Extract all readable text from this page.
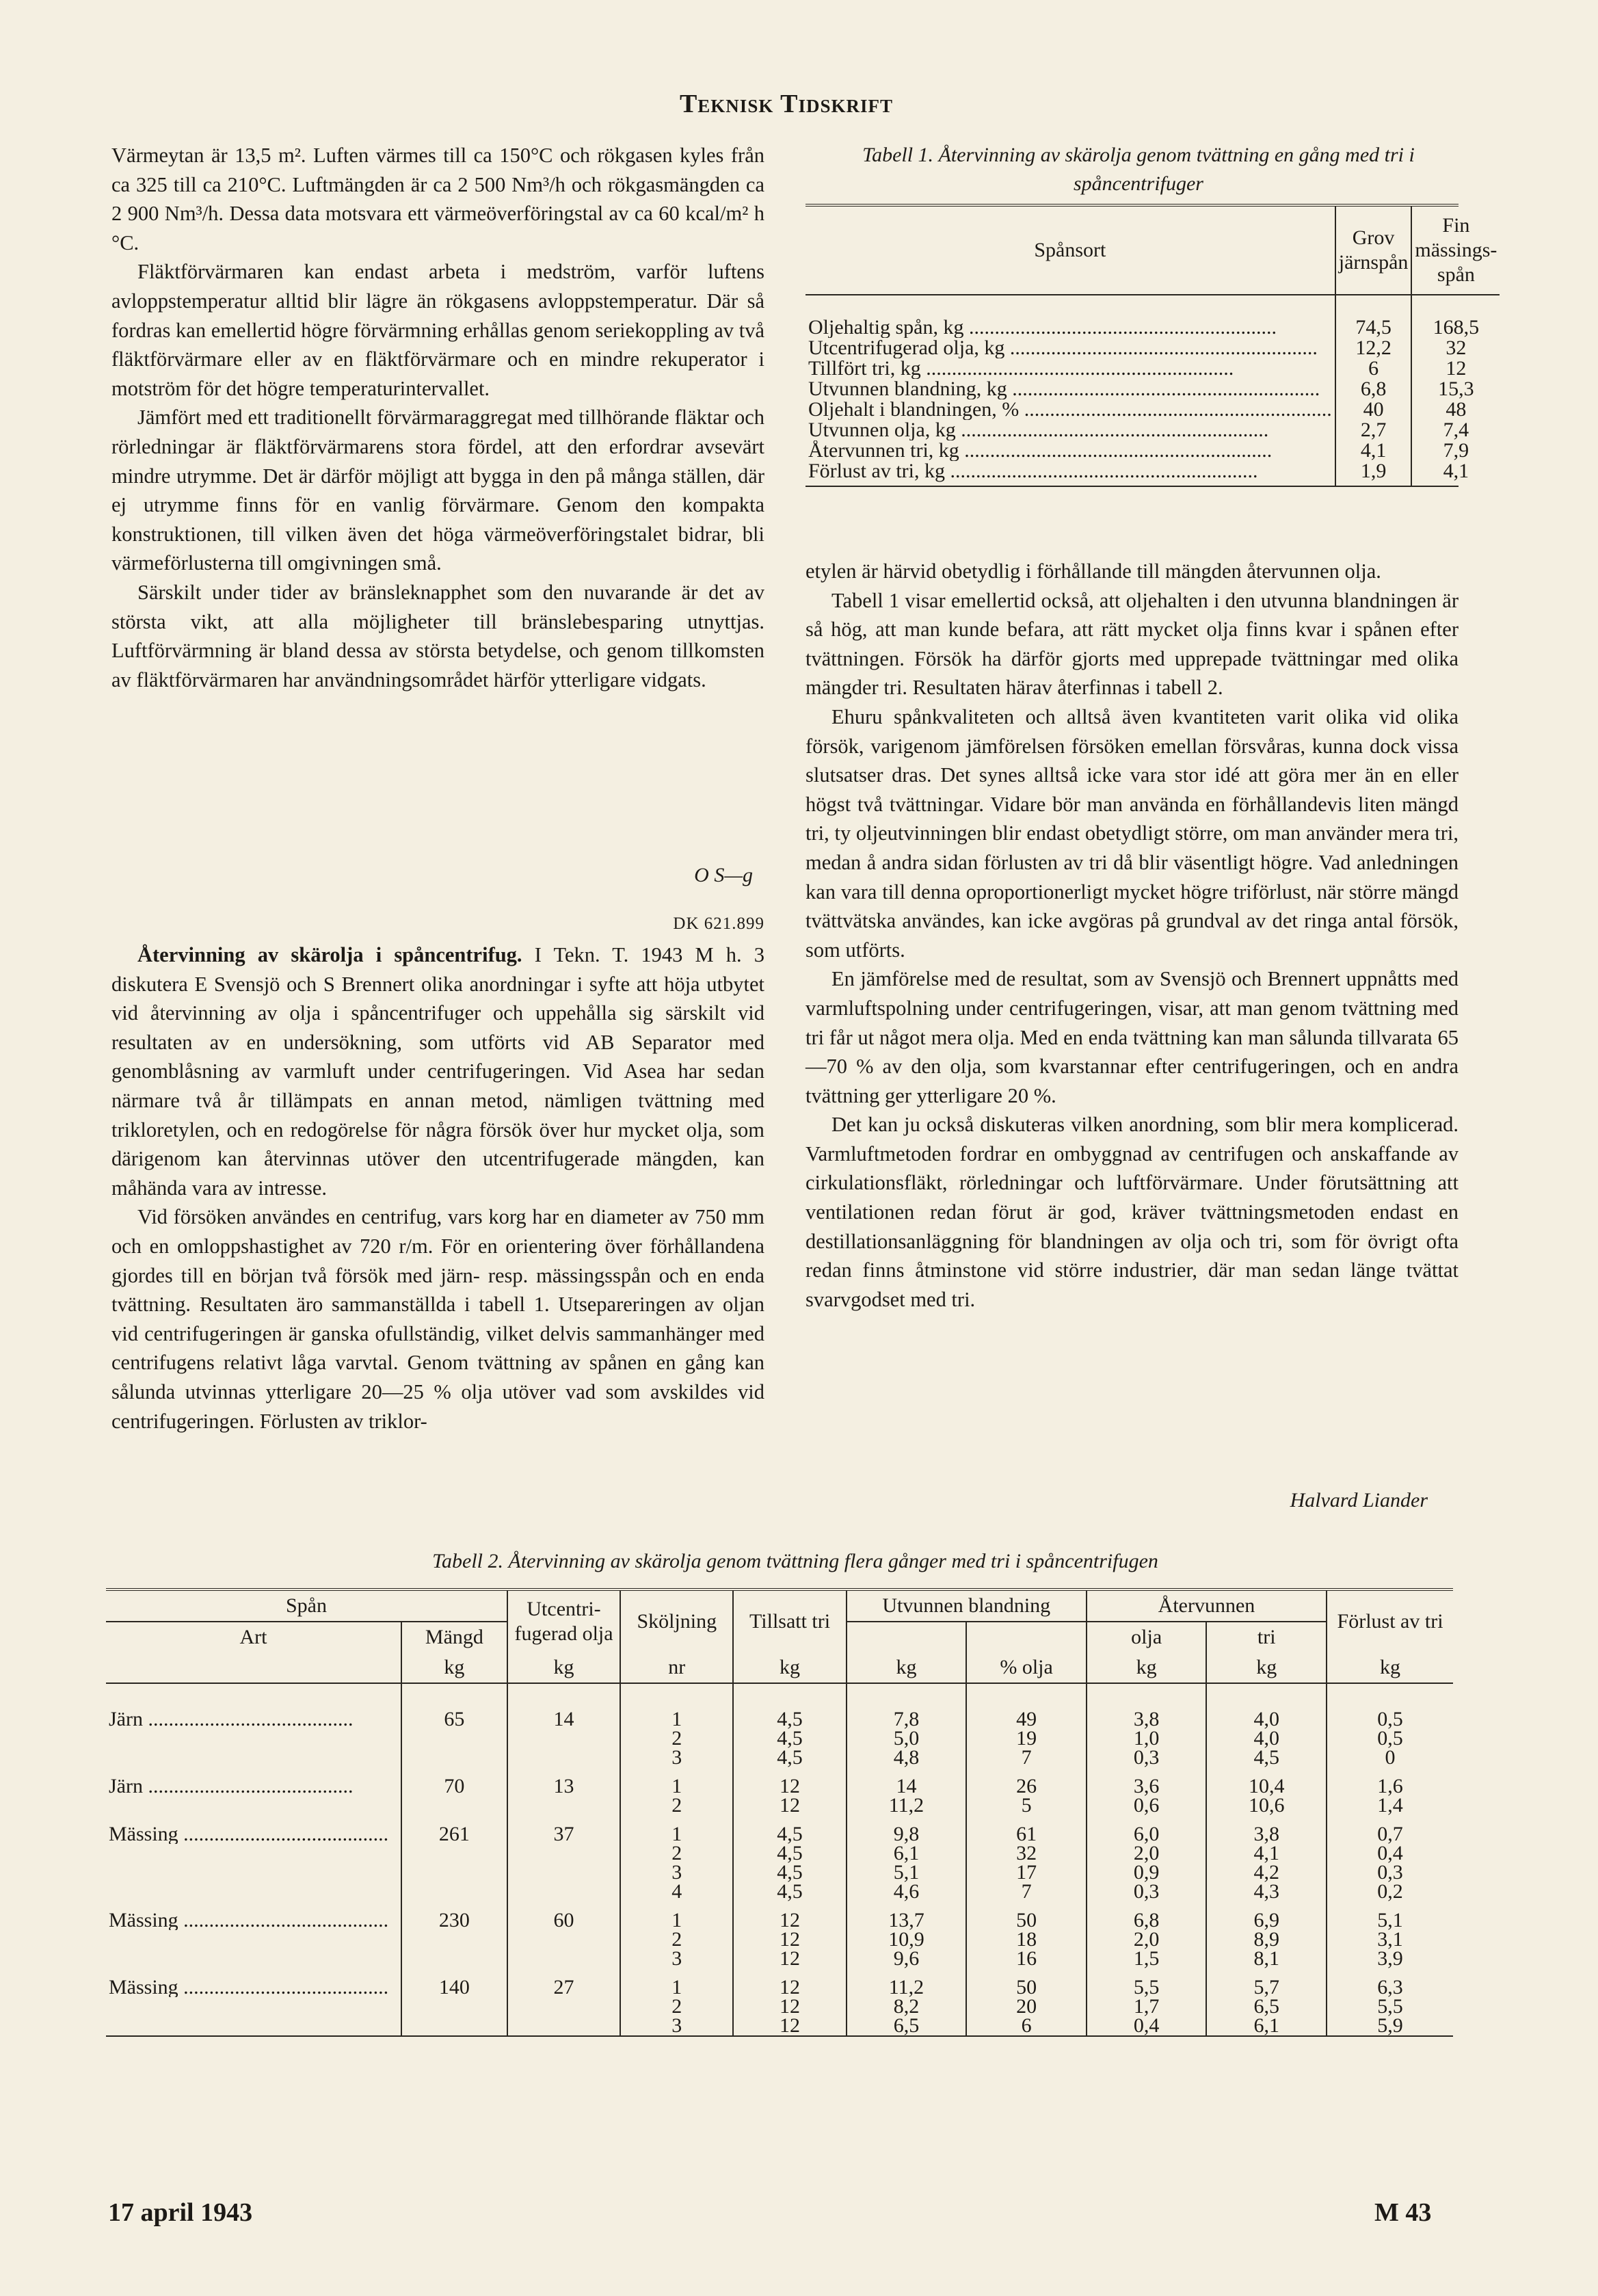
Teknisk Tidskrift

Värmeytan är 13,5 m². Luften värmes till ca 150°C och rökgasen kyles från ca 325 till ca 210°C. Luftmängden är ca 2 500 Nm³/h och rökgasmängden ca 2 900 Nm³/h. Dessa data motsvara ett värmeöverföringstal av ca 60 kcal/m² h °C.

Fläktförvärmaren kan endast arbeta i medström, varför luftens avloppstemperatur alltid blir lägre än rökgasens avloppstemperatur. Där så fordras kan emellertid högre förvärmning erhållas genom seriekoppling av två fläktförvärmare eller av en fläktförvärmare och en mindre rekuperator i motström för det högre temperaturintervallet.

Jämfört med ett traditionellt förvärmaraggregat med tillhörande fläktar och rörledningar är fläktförvärmarens stora fördel, att den erfordrar avsevärt mindre utrymme. Det är därför möjligt att bygga in den på många ställen, där ej utrymme finns för en vanlig förvärmare. Genom den kompakta konstruktionen, till vilken även det höga värmeöverföringstalet bidrar, bli värmeförlusterna till omgivningen små.

Särskilt under tider av bränsleknapphet som den nuvarande är det av största vikt, att alla möjligheter till bränslebesparing utnyttjas. Luftförvärmning är bland dessa av största betydelse, och genom tillkomsten av fläktförvärmaren har användningsområdet härför ytterligare vidgats.

O S—g
DK 621.899

Återvinning av skärolja i spåncentrifug. I Tekn. T. 1943 M h. 3 diskutera E Svensjö och S Brennert olika anordningar i syfte att höja utbytet vid återvinning av olja i spåncentrifuger och uppehålla sig särskilt vid resultaten av en undersökning, som utförts vid AB Separator med genomblåsning av varmluft under centrifugeringen. Vid Asea har sedan närmare två år tillämpats en annan metod, nämligen tvättning med trikloretylen, och en redogörelse för några försök över hur mycket olja, som därigenom kan återvinnas utöver den utcentrifugerade mängden, kan måhända vara av intresse.

Vid försöken användes en centrifug, vars korg har en diameter av 750 mm och en omloppshastighet av 720 r/m. För en orientering över förhållandena gjordes till en början två försök med järn- resp. mässingsspån och en enda tvättning. Resultaten äro sammanställda i tabell 1. Utsepareringen av oljan vid centrifugeringen är ganska ofullständig, vilket delvis sammanhänger med centrifugens relativt låga varvtal. Genom tvättning av spånen en gång kan sålunda utvinnas ytterligare 20—25 % olja utöver vad som avskildes vid centrifugeringen. Förlusten av triklor-

Tabell 1. Återvinning av skärolja genom tvättning en gång med tri i spåncentrifuger
Spånsort	Grov järnspån	Fin mässings-spån
Oljehaltig spån, kg ............................................................	74,5	168,5
Utcentrifugerad olja, kg ............................................................	12,2	32
Tillfört tri, kg ............................................................	6	12
Utvunnen blandning, kg ............................................................	6,8	15,3
Oljehalt i blandningen, % ............................................................	40	48
Utvunnen olja, kg ............................................................	2,7	7,4
Återvunnen tri, kg ............................................................	4,1	7,9
Förlust av tri, kg ............................................................	1,9	4,1

etylen är härvid obetydlig i förhållande till mängden återvunnen olja.

Tabell 1 visar emellertid också, att oljehalten i den utvunna blandningen är så hög, att man kunde befara, att rätt mycket olja finns kvar i spånen efter tvättningen. Försök ha därför gjorts med upprepade tvättningar med olika mängder tri. Resultaten härav återfinnas i tabell 2.

Ehuru spånkvaliteten och alltså även kvantiteten varit olika vid olika försök, varigenom jämförelsen försöken emellan försvåras, kunna dock vissa slutsatser dras. Det synes alltså icke vara stor idé att göra mer än en eller högst två tvättningar. Vidare bör man använda en förhållandevis liten mängd tri, ty oljeutvinningen blir endast obetydligt större, om man använder mera tri, medan å andra sidan förlusten av tri då blir väsentligt högre. Vad anledningen kan vara till denna oproportionerligt mycket högre triförlust, när större mängd tvättvätska användes, kan icke avgöras på grundval av det ringa antal försök, som utförts.

En jämförelse med de resultat, som av Svensjö och Brennert uppnåtts med varmluftspolning under centrifugeringen, visar, att man genom tvättning med tri får ut något mera olja. Med en enda tvättning kan man sålunda tillvarata 65—70 % av den olja, som kvarstannar efter centrifugeringen, och en andra tvättning ger ytterligare 20 %.

Det kan ju också diskuteras vilken anordning, som blir mera komplicerad. Varmluftmetoden fordrar en ombyggnad av centrifugen och anskaffande av cirkulationsfläkt, rörledningar och luftförvärmare. Under förutsättning att ventilationen redan förut är god, kräver tvättningsmetoden endast en destillationsanläggning för blandningen av olja och tri, som för övrigt ofta redan finns åtminstone vid större industrier, där man sedan länge tvättat svarvgodset med tri.

Halvard Liander
Tabell 2. Återvinning av skärolja genom tvättning flera gånger med tri i spåncentrifugen
Spån		Utcentri-fugerad olja	Sköljning	Tillsatt tri	Utvunnen blandning		Återvunnen		Förlust av tri
Art	Mängd						olja	tri	
	kg	kg	nr	kg	kg	% olja	kg	kg	kg
Järn ........................................	65	14	1	4,5	7,8	49	3,8	4,0	0,5
			2	4,5	5,0	19	1,0	4,0	0,5
			3	4,5	4,8	7	0,3	4,5	0
Järn ........................................	70	13	1	12	14	26	3,6	10,4	1,6
			2	12	11,2	5	0,6	10,6	1,4
Mässing ........................................	261	37	1	4,5	9,8	61	6,0	3,8	0,7
			2	4,5	6,1	32	2,0	4,1	0,4
			3	4,5	5,1	17	0,9	4,2	0,3
			4	4,5	4,6	7	0,3	4,3	0,2
Mässing ........................................	230	60	1	12	13,7	50	6,8	6,9	5,1
			2	12	10,9	18	2,0	8,9	3,1
			3	12	9,6	16	1,5	8,1	3,9
Mässing ........................................	140	27	1	12	11,2	50	5,5	5,7	6,3
			2	12	8,2	20	1,7	6,5	5,5
			3	12	6,5	6	0,4	6,1	5,9
17 april 1943	M 43
